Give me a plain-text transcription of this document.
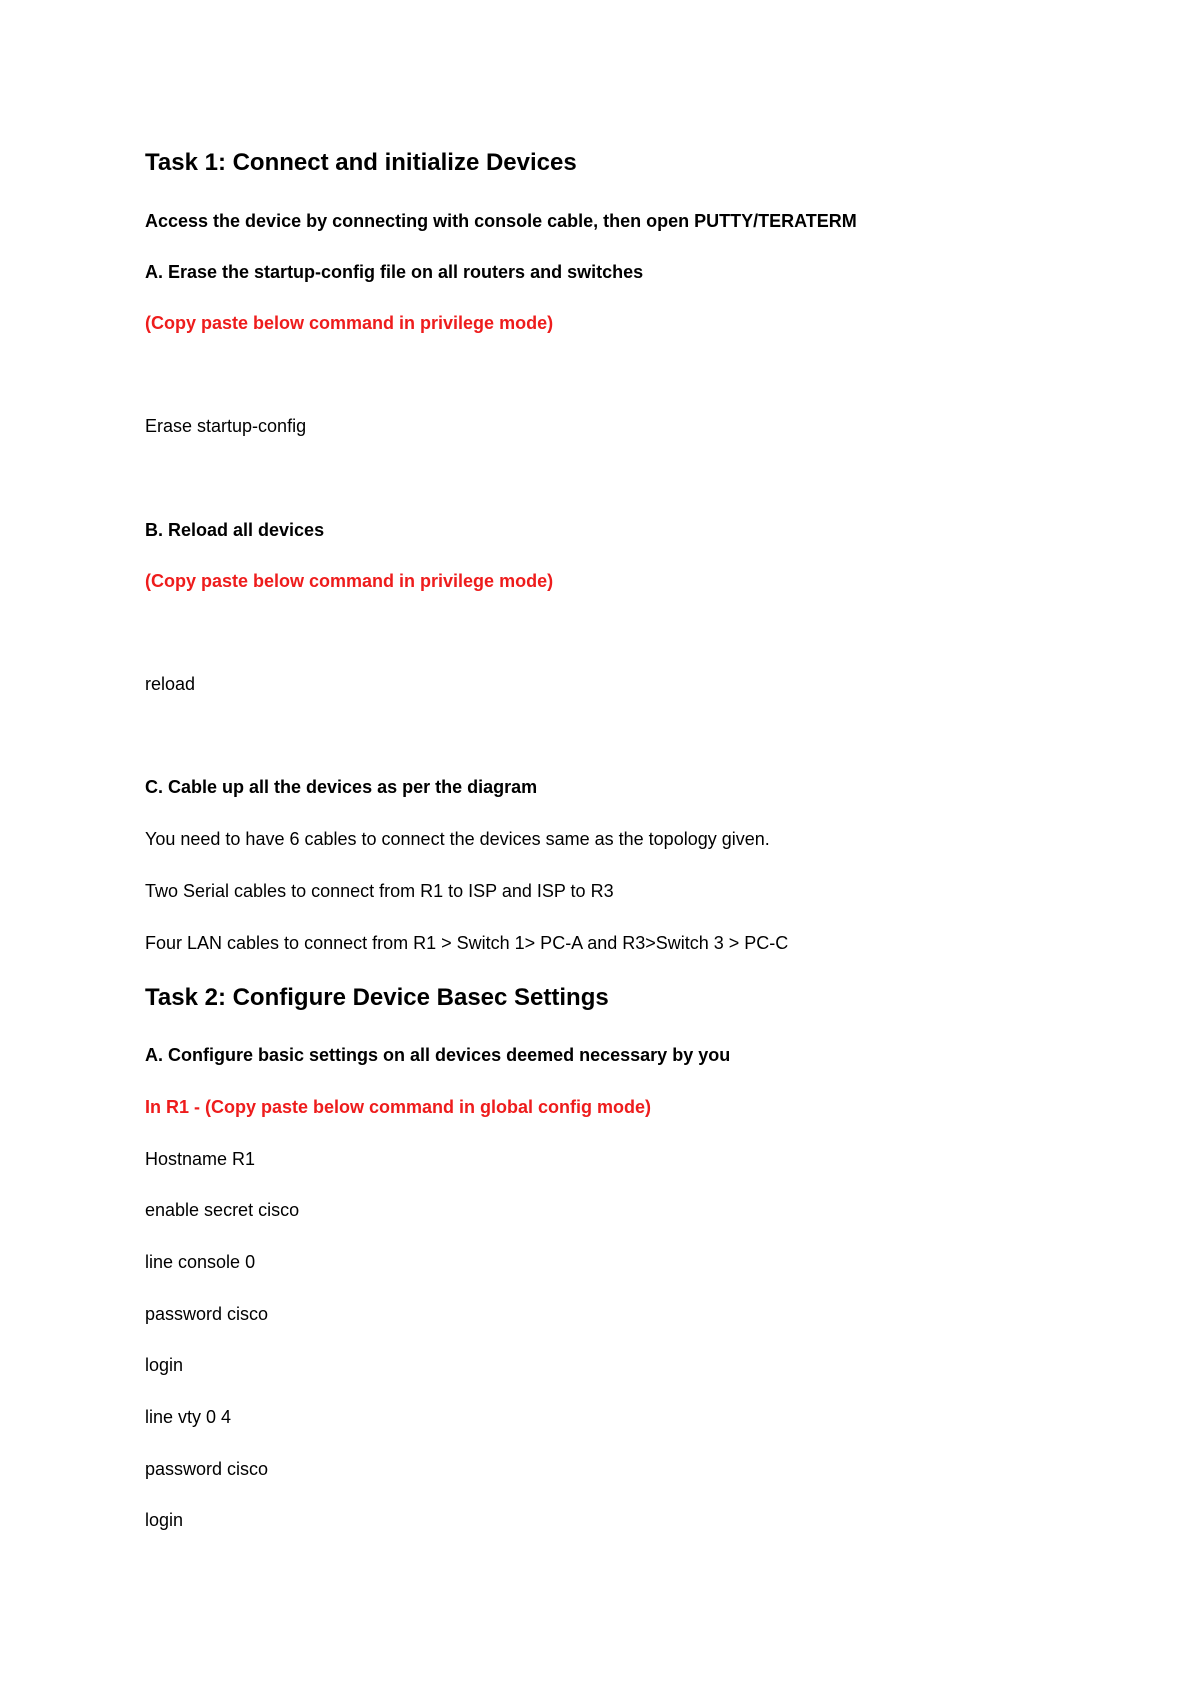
Task 1: Connect and initialize Devices
Access the device by connecting with console cable, then open PUTTY/TERATERM
A. Erase the startup-config file on all routers and switches
(Copy paste below command in privilege mode)
Erase startup-config
B. Reload all devices
(Copy paste below command in privilege mode)
reload
C. Cable up all the devices as per the diagram
You need to have 6 cables to connect the devices same as the topology given.
Two Serial cables to connect from R1 to ISP and ISP to R3
Four LAN cables to connect from R1 > Switch 1> PC-A and R3>Switch 3 > PC-C
Task 2: Configure Device Basec Settings
A. Configure basic settings on all devices deemed necessary by you
In R1 - (Copy paste below command in global config mode)
Hostname R1
enable secret cisco
line console 0
password cisco
login
line vty 0 4
password cisco
login
